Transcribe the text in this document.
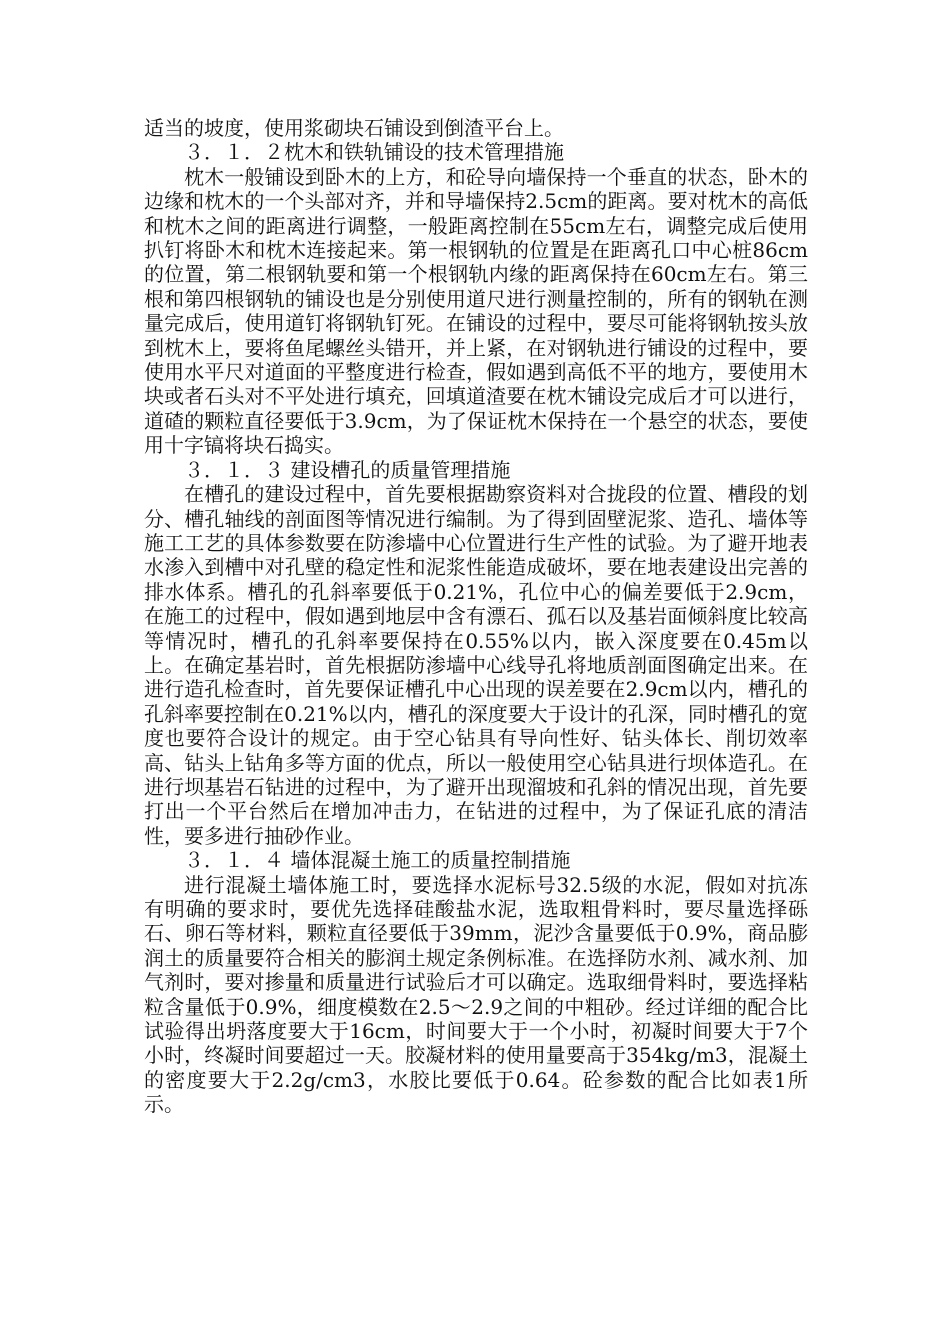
适当的坡度，使用浆砌块石铺设到倒渣平台上。

３．１．２枕木和铁轨铺设的技术管理措施

枕木一般铺设到卧木的上方，和砼导向墙保持一个垂直的状态，卧木的边缘和枕木的一个头部对齐，并和导墙保持2.5cm的距离。要对枕木的高低和枕木之间的距离进行调整，一般距离控制在55cm左右，调整完成后使用扒钉将卧木和枕木连接起来。第一根钢轨的位置是在距离孔口中心桩86cm的位置，第二根钢轨要和第一个根钢轨内缘的距离保持在60cm左右。第三根和第四根钢轨的铺设也是分别使用道尺进行测量控制的，所有的钢轨在测量完成后，使用道钉将钢轨钉死。在铺设的过程中，要尽可能将钢轨按头放到枕木上，要将鱼尾螺丝头错开，并上紧，在对钢轨进行铺设的过程中，要使用水平尺对道面的平整度进行检查，假如遇到高低不平的地方，要使用木块或者石头对不平处进行填充，回填道渣要在枕木铺设完成后才可以进行，道碴的颗粒直径要低于3.9cm，为了保证枕木保持在一个悬空的状态，要使用十字镐将块石捣实。

３．１．３ 建设槽孔的质量管理措施

在槽孔的建设过程中，首先要根据勘察资料对合拢段的位置、槽段的划分、槽孔轴线的剖面图等情况进行编制。为了得到固壁泥浆、造孔、墙体等施工工艺的具体参数要在防渗墙中心位置进行生产性的试验。为了避开地表水渗入到槽中对孔壁的稳定性和泥浆性能造成破坏，要在地表建设出完善的排水体系。槽孔的孔斜率要低于0.21%，孔位中心的偏差要低于2.9cm，在施工的过程中，假如遇到地层中含有漂石、孤石以及基岩面倾斜度比较高等情况时，槽孔的孔斜率要保持在0.55%以内，嵌入深度要在0.45m以上。在确定基岩时，首先根据防渗墙中心线导孔将地质剖面图确定出来。在进行造孔检查时，首先要保证槽孔中心出现的误差要在2.9cm以内，槽孔的孔斜率要控制在0.21%以内，槽孔的深度要大于设计的孔深，同时槽孔的宽度也要符合设计的规定。由于空心钻具有导向性好、钻头体长、削切效率高、钻头上钻角多等方面的优点，所以一般使用空心钻具进行坝体造孔。在进行坝基岩石钻进的过程中，为了避开出现溜坡和孔斜的情况出现，首先要打出一个平台然后在增加冲击力，在钻进的过程中，为了保证孔底的清洁性，要多进行抽砂作业。

３．１．４ 墙体混凝土施工的质量控制措施

进行混凝土墙体施工时，要选择水泥标号32.5级的水泥，假如对抗冻有明确的要求时，要优先选择硅酸盐水泥，选取粗骨料时，要尽量选择砾石、卵石等材料，颗粒直径要低于39mm，泥沙含量要低于0.9%，商品膨润土的质量要符合相关的膨润土规定条例标准。在选择防水剂、减水剂、加气剂时，要对掺量和质量进行试验后才可以确定。选取细骨料时，要选择粘粒含量低于0.9%，细度模数在2.5～2.9之间的中粗砂。经过详细的配合比试验得出坍落度要大于16cm，时间要大于一个小时，初凝时间要大于7个小时，终凝时间要超过一天。胶凝材料的使用量要高于354kg/m3，混凝土的密度要大于2.2g/cm3，水胶比要低于0.64。砼参数的配合比如表1所示。
